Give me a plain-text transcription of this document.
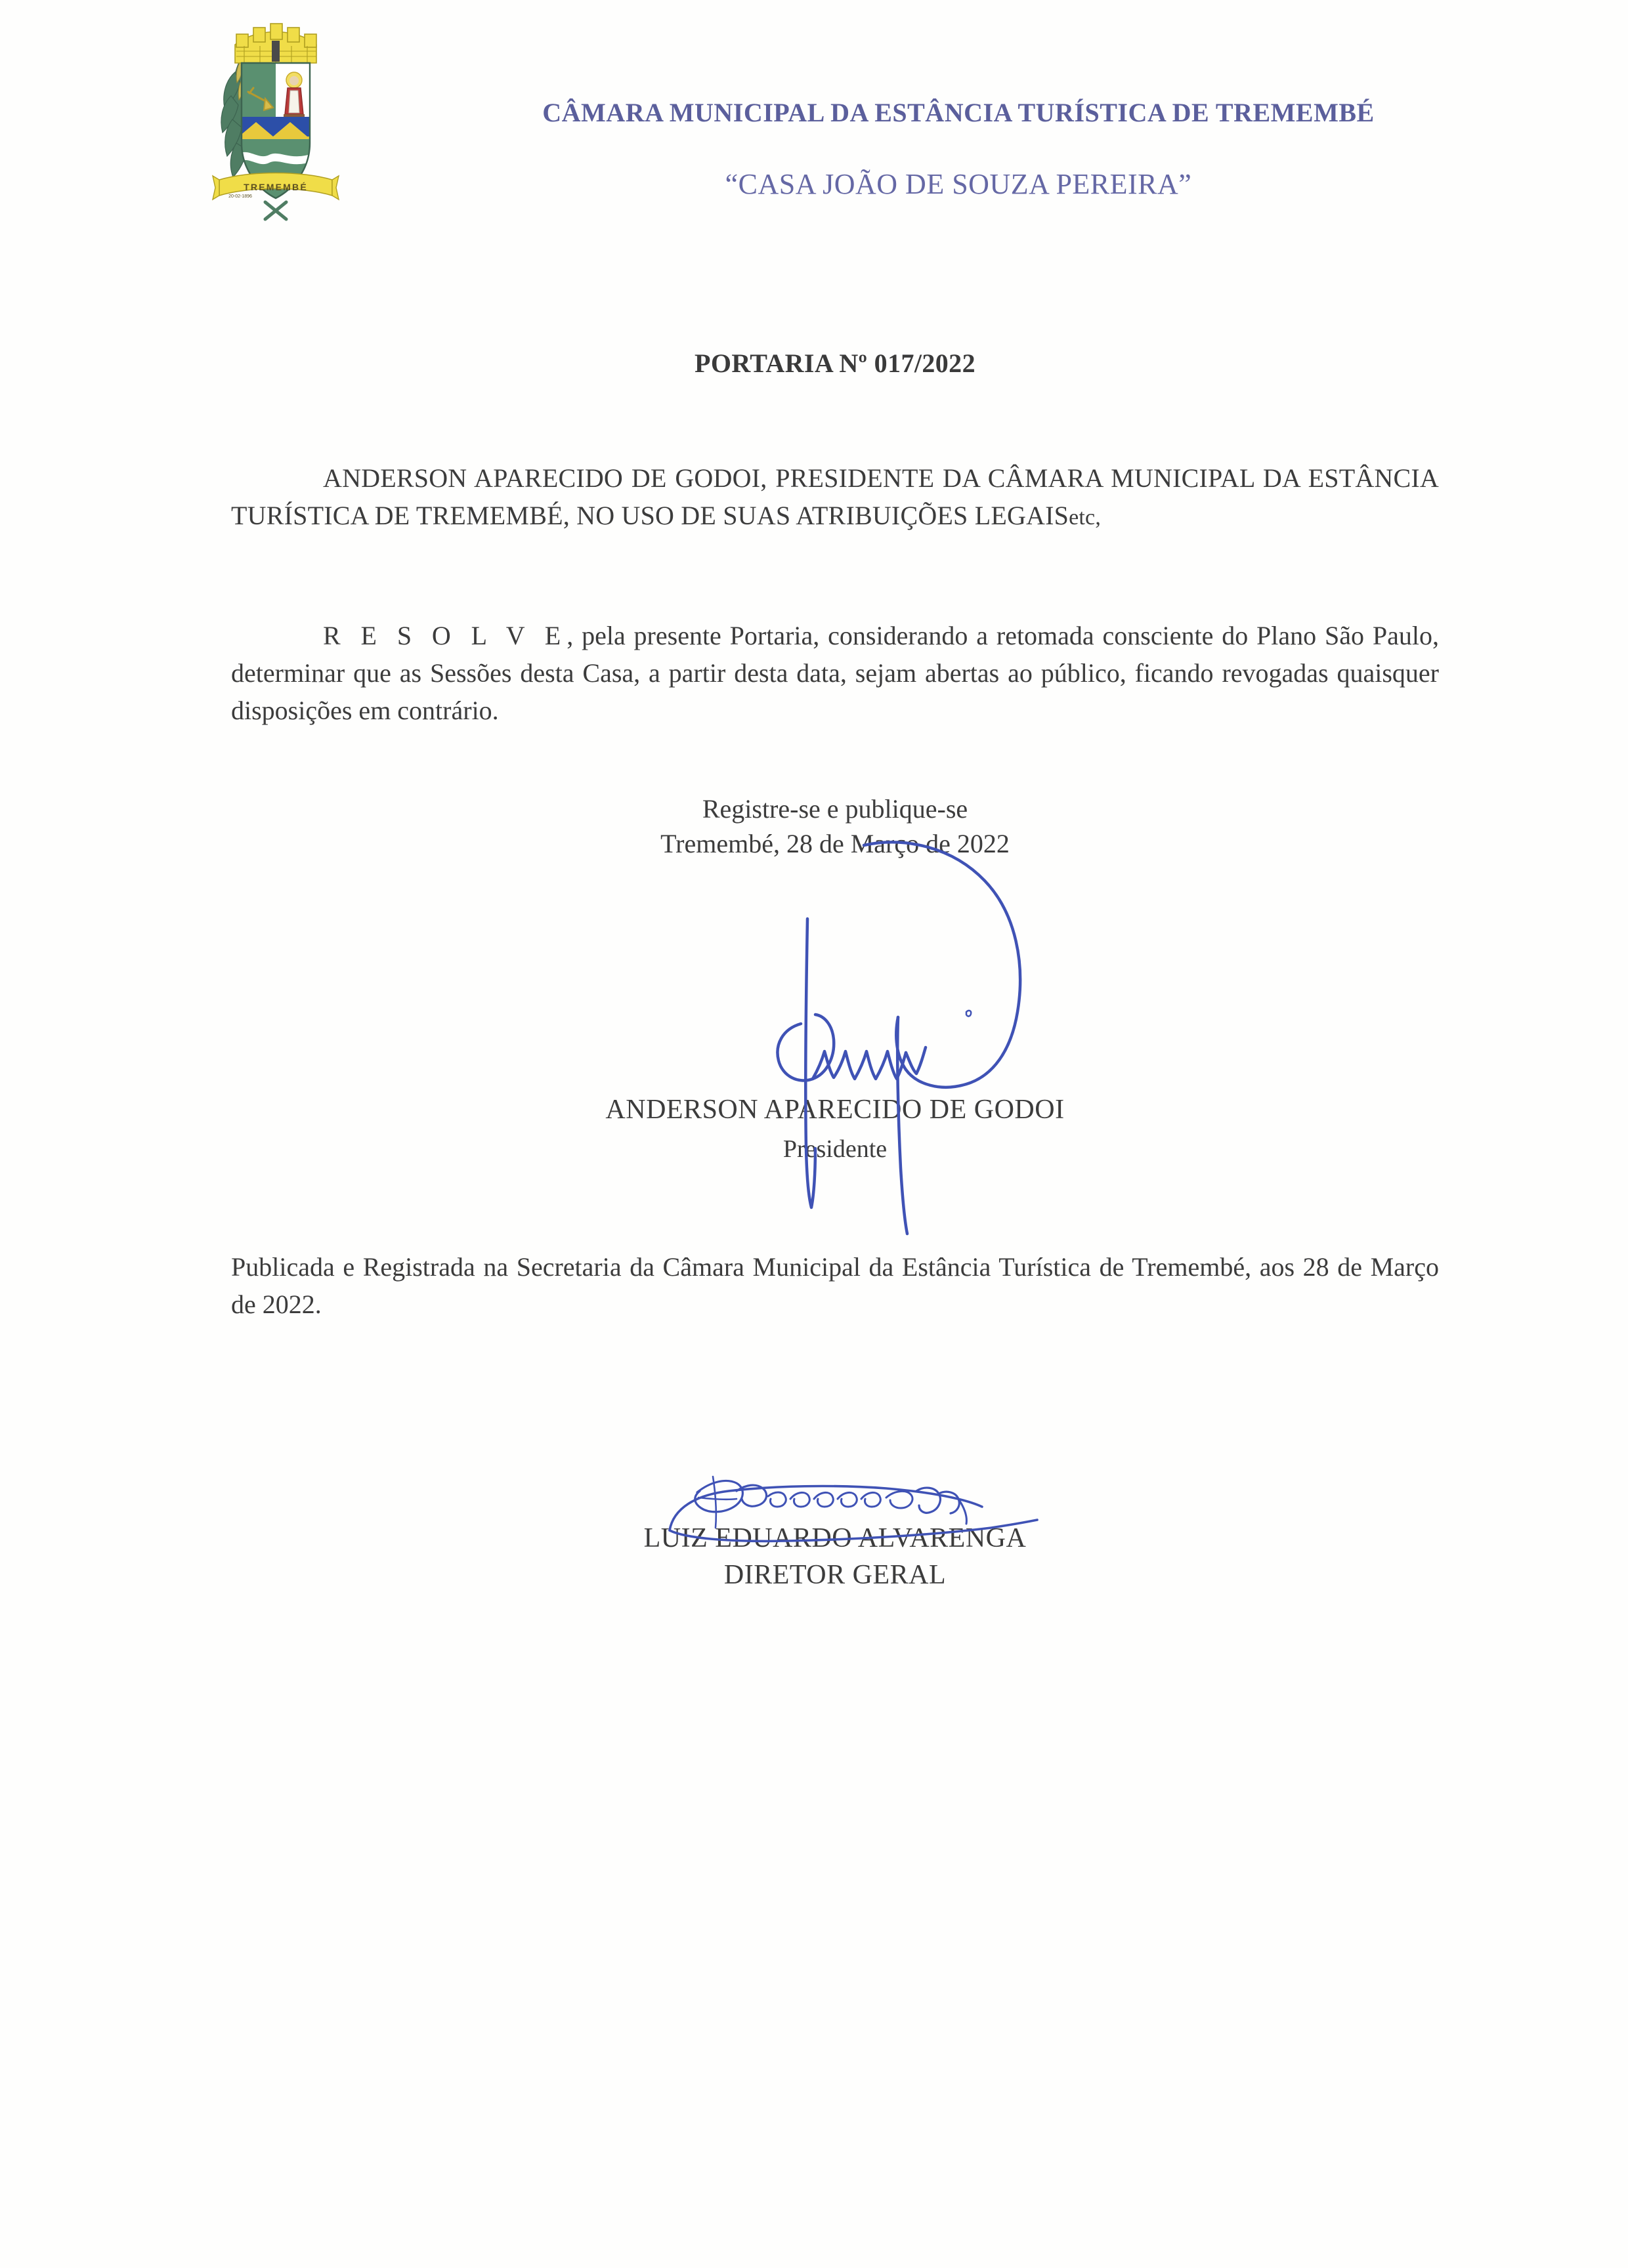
TREMEMBÉ
20-02-1896
CÂMARA MUNICIPAL DA ESTÂNCIA TURÍSTICA DE TREMEMBÉ
“CASA JOÃO DE SOUZA PEREIRA”
PORTARIA Nº 017/2022

ANDERSON APARECIDO DE GODOI, PRESIDENTE DA CÂMARA MUNICIPAL DA ESTÂNCIA TURÍSTICA DE TREMEMBÉ, NO USO DE SUAS ATRIBUIÇÕES LEGAISetc,

R E S O L V E, pela presente Portaria, considerando a retomada consciente do Plano São Paulo, determinar que as Sessões desta Casa, a partir desta data, sejam abertas ao público, ficando revogadas quaisquer disposições em contrário.

Registre-se e publique-se
Tremembé, 28 de Março de 2022
ANDERSON APARECIDO DE GODOI
Presidente

Publicada e Registrada na Secretaria da Câmara Municipal da Estância Turística de Tremembé, aos 28 de Março de 2022.

LUIZ EDUARDO ALVARENGA
DIRETOR GERAL
